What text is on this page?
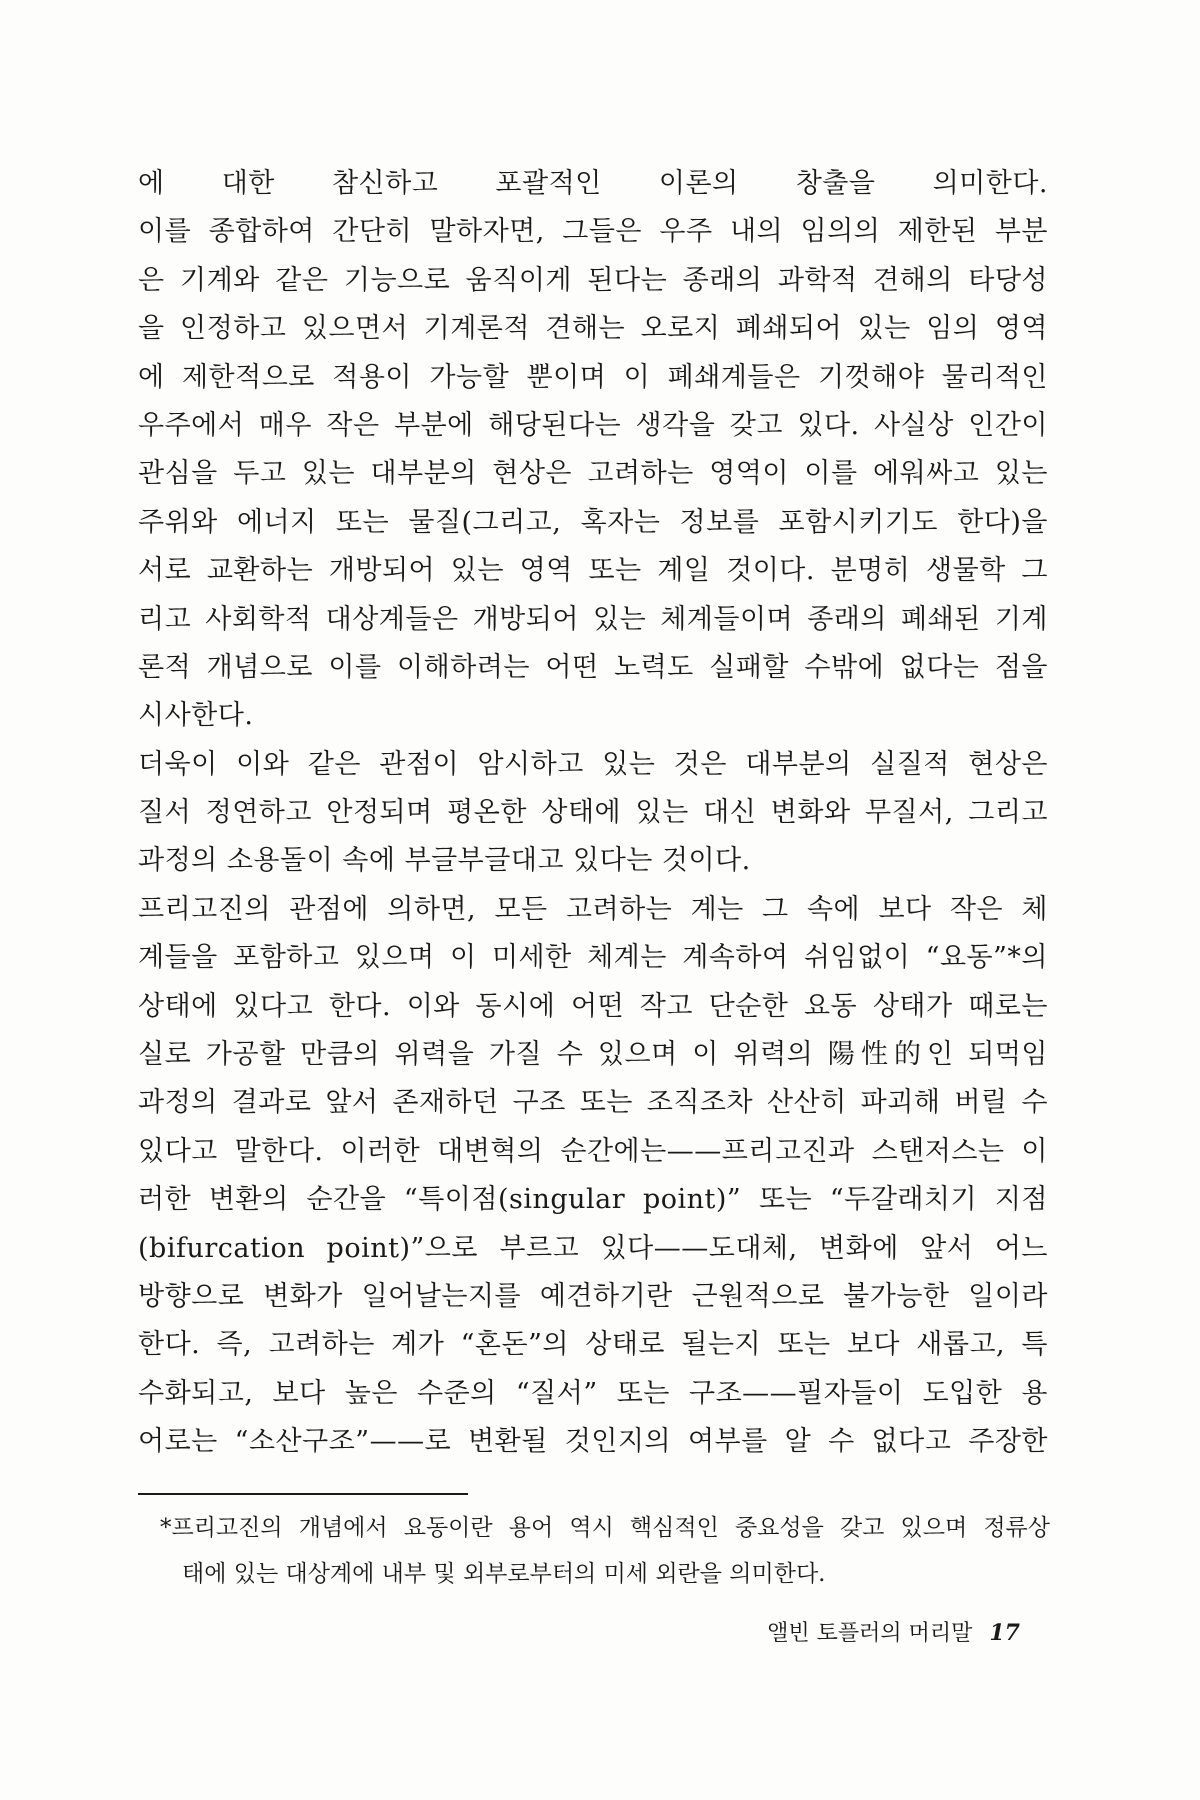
에 대한 참신하고 포괄적인 이론의 창출을 의미한다.
이를 종합하여 간단히 말하자면, 그들은 우주 내의 임의의 제한된 부분
은 기계와 같은 기능으로 움직이게 된다는 종래의 과학적 견해의 타당성
을 인정하고 있으면서 기계론적 견해는 오로지 폐쇄되어 있는 임의 영역
에 제한적으로 적용이 가능할 뿐이며 이 폐쇄계들은 기껏해야 물리적인
우주에서 매우 작은 부분에 해당된다는 생각을 갖고 있다. 사실상 인간이
관심을 두고 있는 대부분의 현상은 고려하는 영역이 이를 에워싸고 있는
주위와 에너지 또는 물질(그리고, 혹자는 정보를 포함시키기도 한다)을
서로 교환하는 개방되어 있는 영역 또는 계일 것이다. 분명히 생물학 그
리고 사회학적 대상계들은 개방되어 있는 체계들이며 종래의 폐쇄된 기계
론적 개념으로 이를 이해하려는 어떤 노력도 실패할 수밖에 없다는 점을
시사한다.
더욱이 이와 같은 관점이 암시하고 있는 것은 대부분의 실질적 현상은
질서 정연하고 안정되며 평온한 상태에 있는 대신 변화와 무질서, 그리고
과정의 소용돌이 속에 부글부글대고 있다는 것이다.
프리고진의 관점에 의하면, 모든 고려하는 계는 그 속에 보다 작은 체
계들을 포함하고 있으며 이 미세한 체계는 계속하여 쉬임없이 “요동”*의
상태에 있다고 한다. 이와 동시에 어떤 작고 단순한 요동 상태가 때로는
실로 가공할 만큼의 위력을 가질 수 있으며 이 위력의 陽性的인 되먹임
과정의 결과로 앞서 존재하던 구조 또는 조직조차 산산히 파괴해 버릴 수
있다고 말한다. 이러한 대변혁의 순간에는——프리고진과 스탠저스는 이
러한 변환의 순간을 “특이점(singular point)” 또는 “두갈래치기 지점
(bifurcation point)”으로 부르고 있다——도대체, 변화에 앞서 어느
방향으로 변화가 일어날는지를 예견하기란 근원적으로 불가능한 일이라
한다. 즉, 고려하는 계가 “혼돈”의 상태로 될는지 또는 보다 새롭고, 특
수화되고, 보다 높은 수준의 “질서” 또는 구조——필자들이 도입한 용
어로는 “소산구조”——로 변환될 것인지의 여부를 알 수 없다고 주장한
*프리고진의 개념에서 요동이란 용어 역시 핵심적인 중요성을 갖고 있으며 정류상
태에 있는 대상계에 내부 및 외부로부터의 미세 외란을 의미한다.
앨빈 토플러의 머리말 17
